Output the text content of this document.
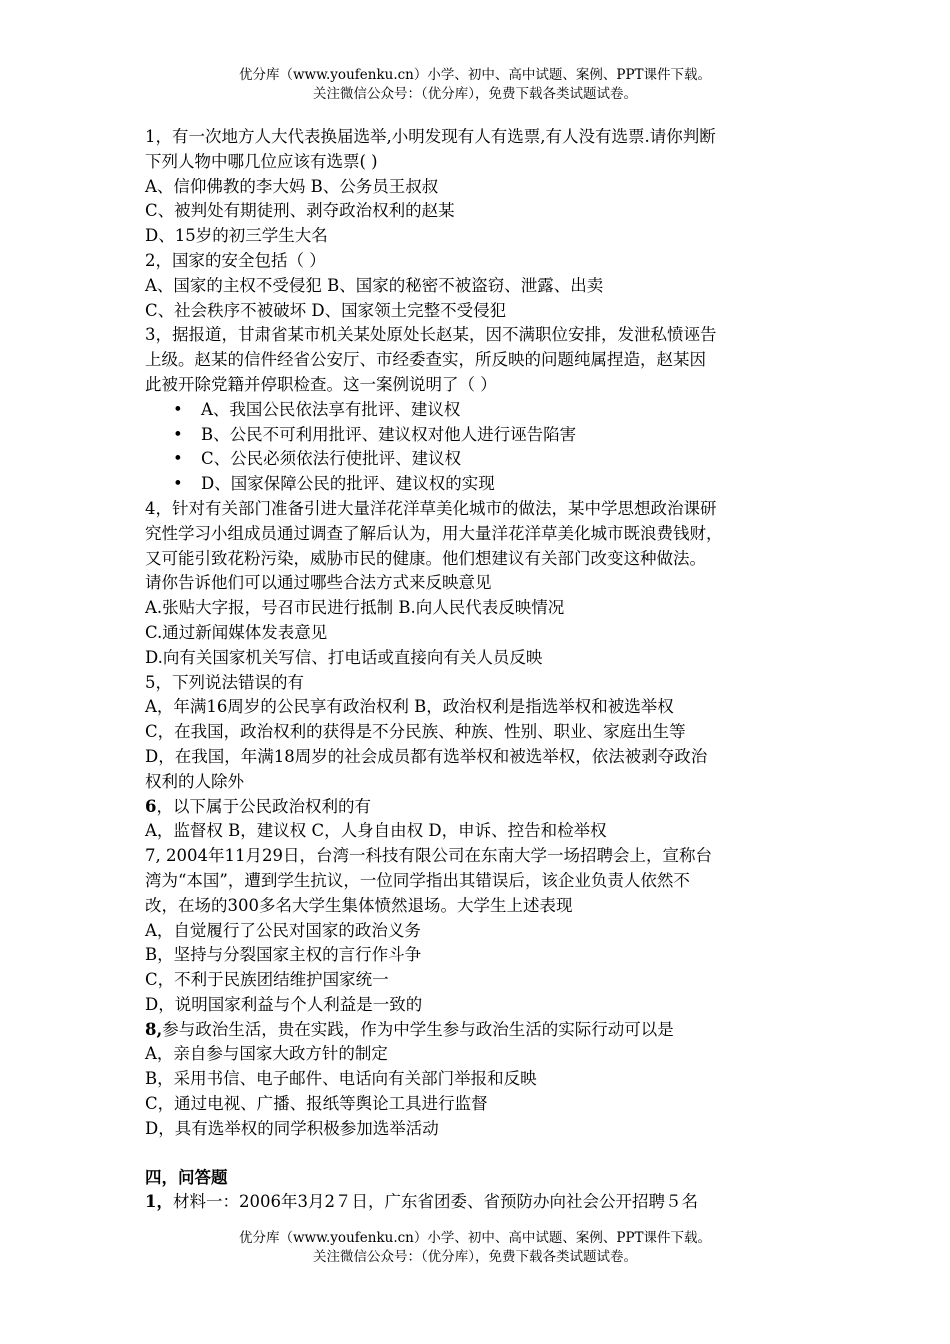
优分库（www.youfenku.cn）小学、初中、高中试题、案例、PPT课件下载。
关注微信公众号：（优分库），免费下载各类试题试卷。
1，有一次地方人大代表换届选举,小明发现有人有选票,有人没有选票.请你判断
下列人物中哪几位应该有选票( )
A、信仰佛教的李大妈 B、公务员王叔叔
C、被判处有期徒刑、剥夺政治权利的赵某
D、15岁的初三学生大名
2，国家的安全包括（ ）
A、国家的主权不受侵犯 B、国家的秘密不被盗窃、泄露、出卖
C、社会秩序不被破坏 D、国家领土完整不受侵犯
3，据报道，甘肃省某市机关某处原处长赵某，因不满职位安排，发泄私愤诬告
上级。赵某的信件经省公安厅、市经委查实，所反映的问题纯属捏造，赵某因
此被开除党籍并停职检查。这一案例说明了（ ）
• A、我国公民依法享有批评、建议权
• B、公民不可利用批评、建议权对他人进行诬告陷害
• C、公民必须依法行使批评、建议权
• D、国家保障公民的批评、建议权的实现
4，针对有关部门准备引进大量洋花洋草美化城市的做法，某中学思想政治课研
究性学习小组成员通过调查了解后认为，用大量洋花洋草美化城市既浪费钱财，
又可能引致花粉污染，威胁市民的健康。他们想建议有关部门改变这种做法。
请你告诉他们可以通过哪些合法方式来反映意见
A.张贴大字报，号召市民进行抵制 B.向人民代表反映情况
C.通过新闻媒体发表意见
D.向有关国家机关写信、打电话或直接向有关人员反映
5，下列说法错误的有
A，年满16周岁的公民享有政治权利 B，政治权利是指选举权和被选举权
C，在我国，政治权利的获得是不分民族、种族、性别、职业、家庭出生等
D，在我国，年满18周岁的社会成员都有选举权和被选举权，依法被剥夺政治
权利的人除外
6，以下属于公民政治权利的有
A，监督权 B，建议权 C，人身自由权 D，申诉、控告和检举权
7, 2004年11月29日，台湾一科技有限公司在东南大学一场招聘会上，宣称台
湾为“本国”，遭到学生抗议，一位同学指出其错误后，该企业负责人依然不
改，在场的300多名大学生集体愤然退场。大学生上述表现
A，自觉履行了公民对国家的政治义务
B，坚持与分裂国家主权的言行作斗争
C，不利于民族团结维护国家统一
D，说明国家利益与个人利益是一致的
8,参与政治生活，贵在实践，作为中学生参与政治生活的实际行动可以是
A，亲自参与国家大政方针的制定
B，采用书信、电子邮件、电话向有关部门举报和反映
C，通过电视、广播、报纸等舆论工具进行监督
D，具有选举权的同学积极参加选举活动
四，问答题
1，材料一：2006年3月2７日，广东省团委、省预防办向社会公开招聘５名
优分库（www.youfenku.cn）小学、初中、高中试题、案例、PPT课件下载。
关注微信公众号：（优分库），免费下载各类试题试卷。
